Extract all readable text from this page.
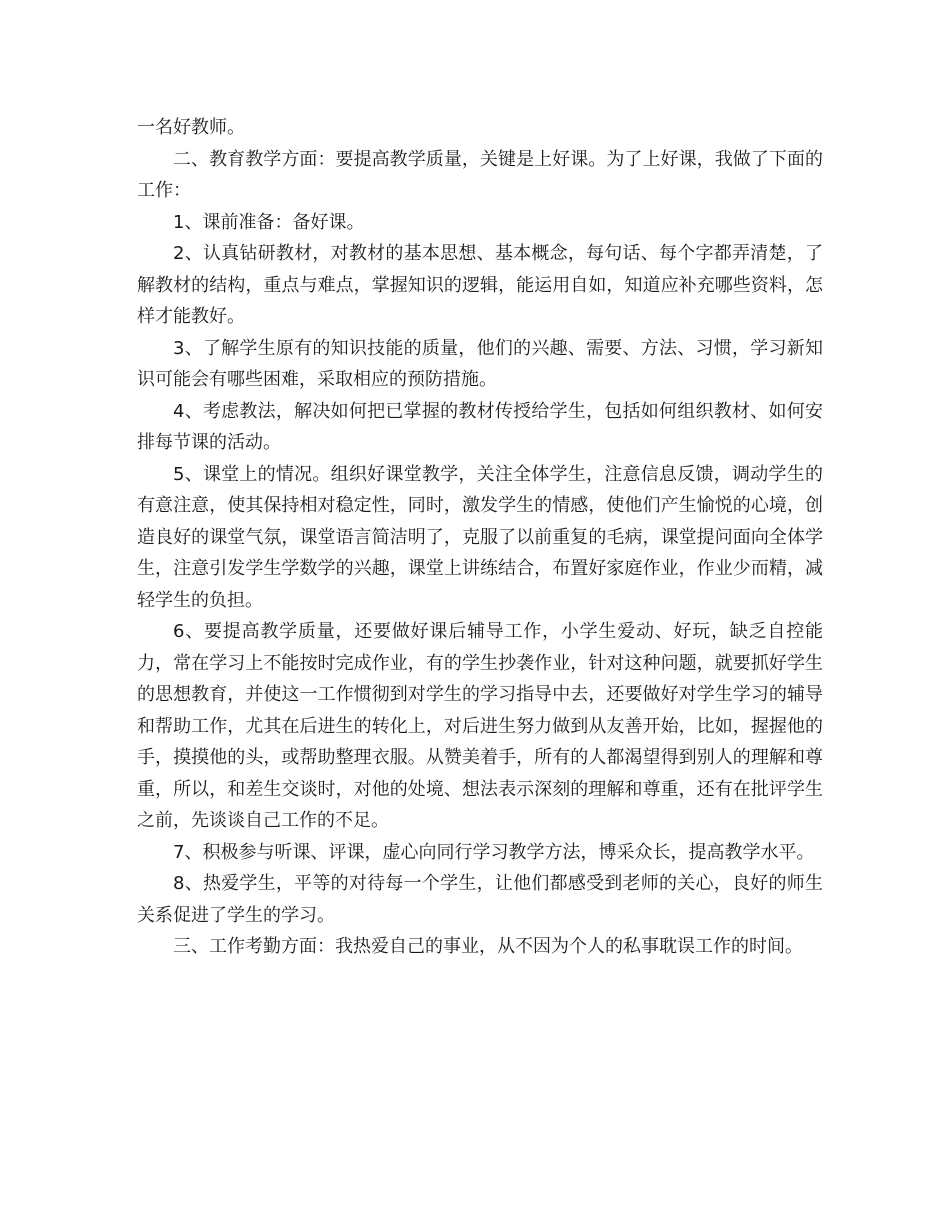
一名好教师。

二、教育教学方面：要提高教学质量，关键是上好课。为了上好课，我做了下面的工作：

1、课前准备：备好课。

2、认真钻研教材，对教材的基本思想、基本概念，每句话、每个字都弄清楚，了解教材的结构，重点与难点，掌握知识的逻辑，能运用自如，知道应补充哪些资料，怎样才能教好。

3、了解学生原有的知识技能的质量，他们的兴趣、需要、方法、习惯，学习新知识可能会有哪些困难，采取相应的预防措施。

4、考虑教法，解决如何把已掌握的教材传授给学生，包括如何组织教材、如何安排每节课的活动。

5、课堂上的情况。组织好课堂教学，关注全体学生，注意信息反馈，调动学生的有意注意，使其保持相对稳定性，同时，激发学生的情感，使他们产生愉悦的心境，创造良好的课堂气氛，课堂语言简洁明了，克服了以前重复的毛病，课堂提问面向全体学生，注意引发学生学数学的兴趣，课堂上讲练结合，布置好家庭作业，作业少而精，减轻学生的负担。

6、要提高教学质量，还要做好课后辅导工作，小学生爱动、好玩，缺乏自控能力，常在学习上不能按时完成作业，有的学生抄袭作业，针对这种问题，就要抓好学生的思想教育，并使这一工作惯彻到对学生的学习指导中去，还要做好对学生学习的辅导和帮助工作，尤其在后进生的转化上，对后进生努力做到从友善开始，比如，握握他的手，摸摸他的头，或帮助整理衣服。从赞美着手，所有的人都渴望得到别人的理解和尊重，所以，和差生交谈时，对他的处境、想法表示深刻的理解和尊重，还有在批评学生之前，先谈谈自己工作的不足。

7、积极参与听课、评课，虚心向同行学习教学方法，博采众长，提高教学水平。

8、热爱学生，平等的对待每一个学生，让他们都感受到老师的关心，良好的师生关系促进了学生的学习。

三、工作考勤方面：我热爱自己的事业，从不因为个人的私事耽误工作的时间。
